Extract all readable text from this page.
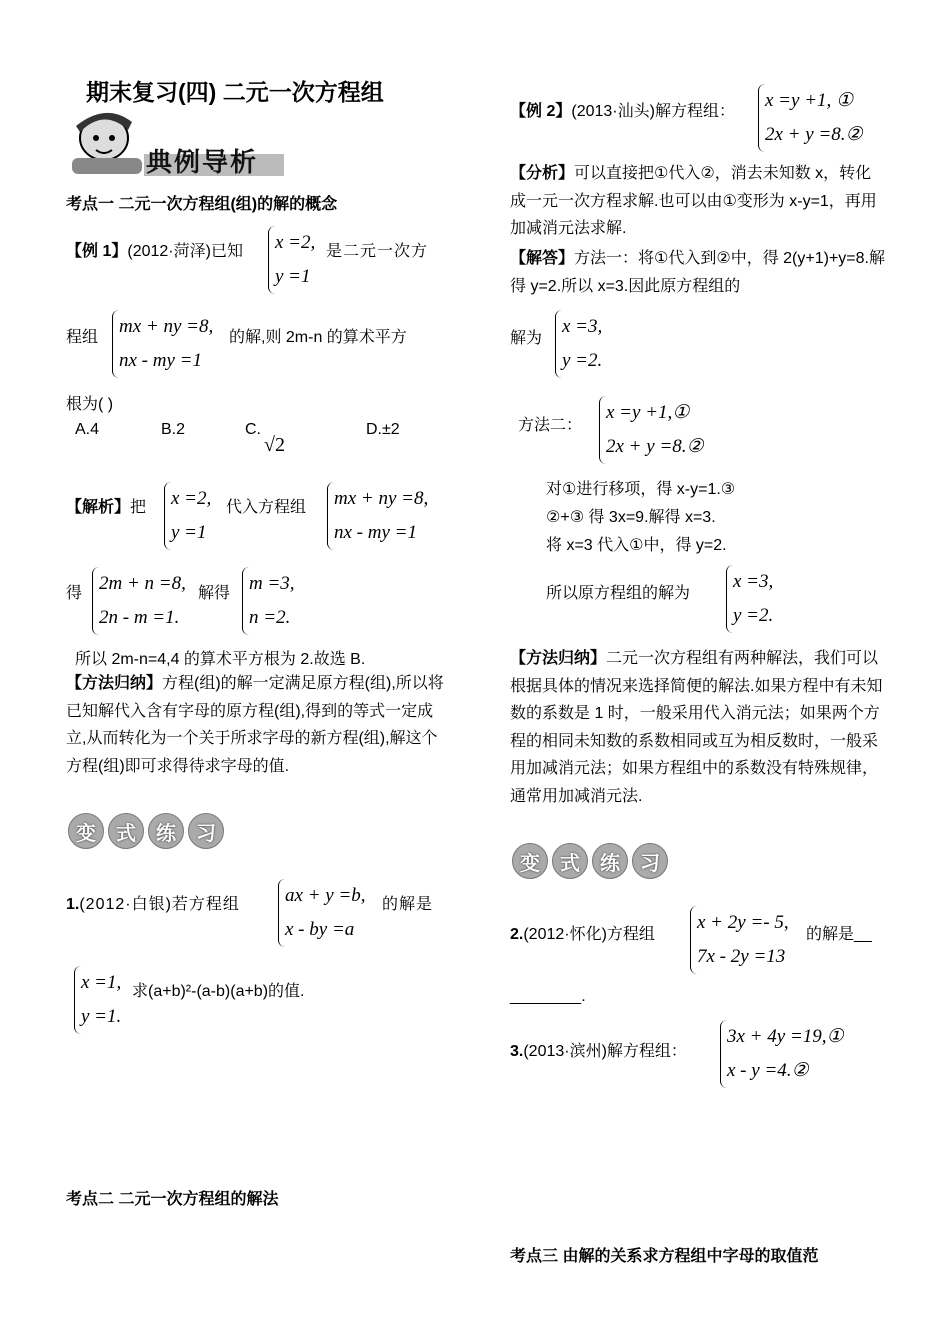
期末复习(四) 二元一次方程组
典例导析
考点一 二元一次方程组(组)的解的概念
【例 1】(2012·菏泽)已知 x =2,
y =1
是二元一次方
程组
mx + ny =8,
nx - my =1
的解,则 2m-n 的算术平方
根为( )
A.4	B.2	C.
√2
D.±2
【解析】把 x =2,
y =1
代入方程组 mx + ny =8,
nx - my =1
得 2m + n =8,
2n - m =1.
解得 m =3,
n =2.
所以 2m-n=4,4 的算术平方根为 2.故选 B.
【方法归纳】方程(组)的解一定满足原方程(组),所以将已知解代入含有字母的原方程(组),得到的等式一定成立,从而转化为一个关于所求字母的新方程(组),解这个方程(组)即可求得待求字母的值.
变	式	练	习
1.(2012·白银)若方程组 ax + y =b,
x - by =a
的解是
x =1,
y =1.
求(a+b)²-(a-b)(a+b)的值.
考点二 二元一次方程组的解法
【例 2】(2013·汕头)解方程组：
x =y +1, ①
2x + y =8.②
【分析】可以直接把①代入②，消去未知数 x，转化成一元一次方程求解.也可以由①变形为 x-y=1，再用加减消元法求解.
【解答】方法一：将①代入到②中，得 2(y+1)+y=8.解得 y=2.所以 x=3.因此原方程组的
解为
x =3,
y =2.
方法二：
x =y +1,①
2x + y =8.②
对①进行移项，得 x-y=1.③
②+③ 得 3x=9.解得 x=3.
将 x=3 代入①中，得 y=2.
所以原方程组的解为
x =3,
y =2.
【方法归纳】二元一次方程组有两种解法，我们可以根据具体的情况来选择简便的解法.如果方程中有未知数的系数是 1 时，一般采用代入消元法；如果两个方程的相同未知数的系数相同或互为相反数时，一般采用加减消元法；如果方程组中的系数没有特殊规律，通常用加减消元法.
变	式	练	习
2.(2012·怀化)方程组
x + 2y =- 5,
7x - 2y =13
的解是__
________.
3.(2013·滨州)解方程组：
3x + 4y =19,①
x - y =4.②
考点三 由解的关系求方程组中字母的取值范
